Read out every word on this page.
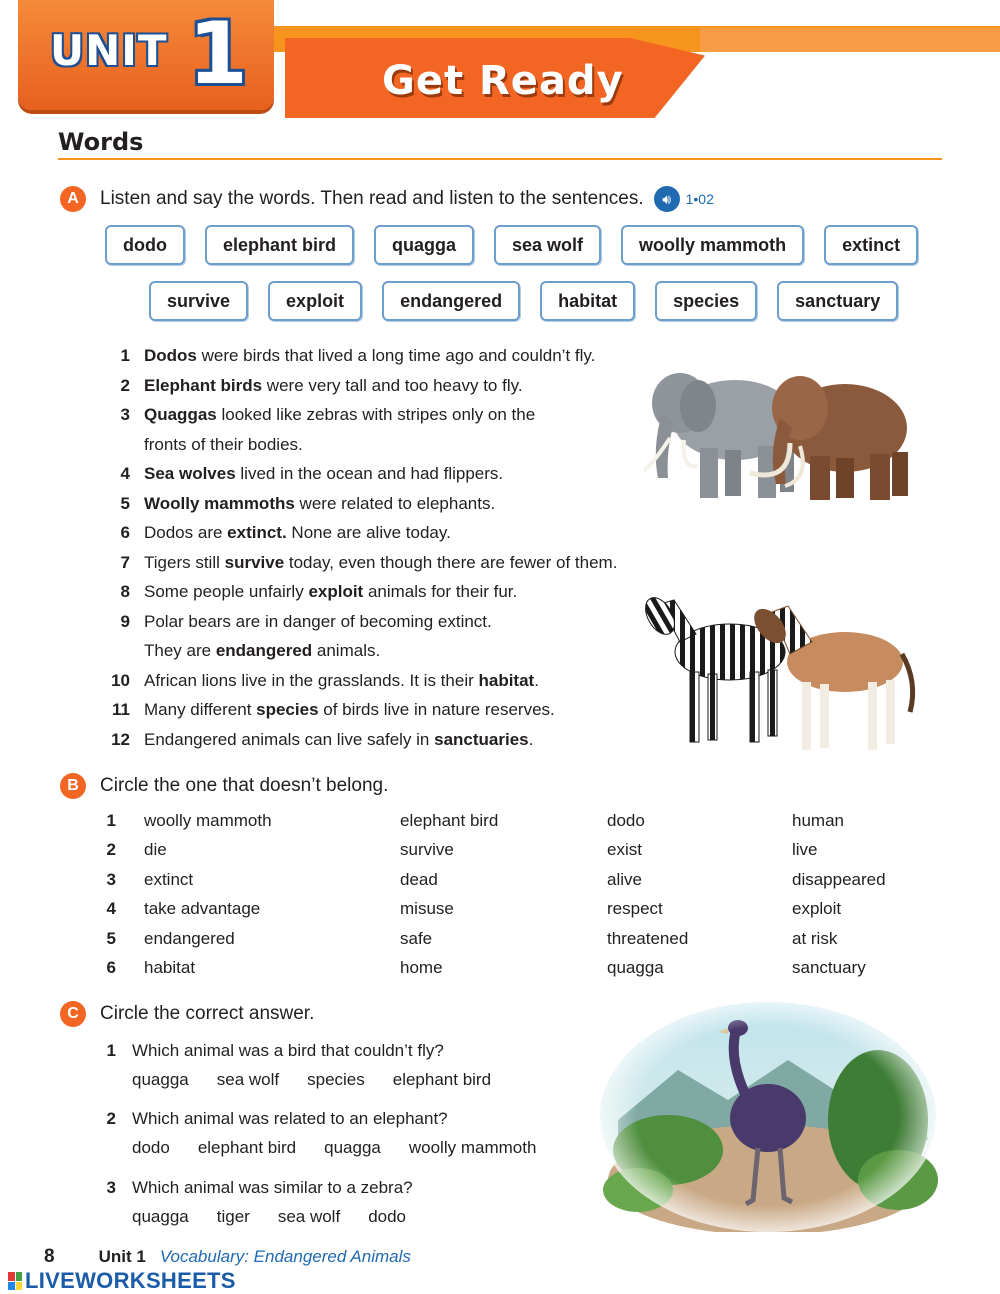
UNIT 1	Get Ready
Words
A	Listen and say the words. Then read and listen to the sentences.	🔊︎	1•02
dodo	elephant bird	quagga	sea wolf	woolly mammoth	extinct
survive	exploit	endangered	habitat	species	sanctuary
1 Dodos were birds that lived a long time ago and couldn’t fly.
2 Elephant birds were very tall and too heavy to fly.
3 Quaggas looked like zebras with stripes only on the
fronts of their bodies.
4 Sea wolves lived in the ocean and had flippers.
5 Woolly mammoths were related to elephants.
6 Dodos are extinct. None are alive today.
7 Tigers still survive today, even though there are fewer of them.
8 Some people unfairly exploit animals for their fur.
9 Polar bears are in danger of becoming extinct.
They are endangered animals.
10 African lions live in the grasslands. It is their habitat.
11 Many different species of birds live in nature reserves.
12 Endangered animals can live safely in sanctuaries.
B	Circle the one that doesn’t belong.
1 woolly mammoth	elephant bird	dodo	human
2 die	survive	exist	live
3 extinct	dead	alive	disappeared
4 take advantage	misuse	respect	exploit
5 endangered	safe	threatened	at risk
6 habitat	home	quagga	sanctuary
C	Circle the correct answer.
1 Which animal was a bird that couldn’t fly?
quagga sea wolf species elephant bird
2 Which animal was related to an elephant?
dodo elephant bird quagga woolly mammoth
3 Which animal was similar to a zebra?
quagga tiger sea wolf dodo
8	Unit 1 Vocabulary: Endangered Animals
LIVEWORKSHEETS
